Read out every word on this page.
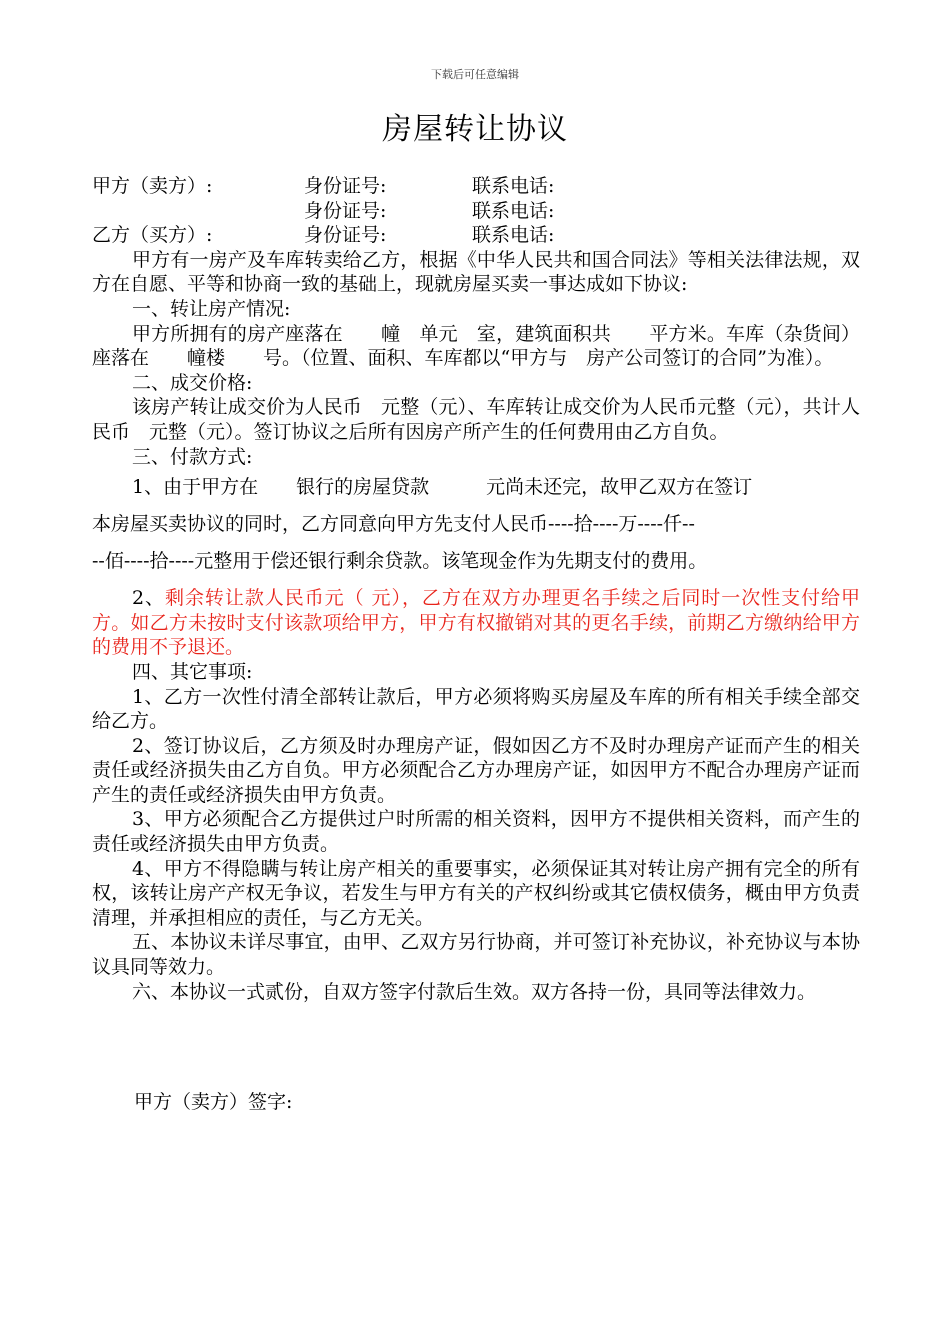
下载后可任意编辑
房屋转让协议
甲方（卖方）:	身份证号:	联系电话:
身份证号:	联系电话:
乙方（买方）:	身份证号:	联系电话:
甲方有一房产及车库转卖给乙方，根据《中华人民共和国合同法》等相关法律法规，双方在自愿、平等和协商一致的基础上，现就房屋买卖一事达成如下协议:
一、转让房产情况:
甲方所拥有的房产座落在　　幢　单元　室，建筑面积共　　平方米。车库（杂货间）座落在　　幢楼　　号。（位置、面积、车库都以“甲方与　房产公司签订的合同”为准）。
二、成交价格:
该房产转让成交价为人民币　元整（元）、车库转让成交价为人民币元整（元），共计人民币　元整（元）。签订协议之后所有因房产所产生的任何费用由乙方自负。
三、付款方式:
1、由于甲方在　　银行的房屋贷款　　　元尚未还完，故甲乙双方在签订
本房屋买卖协议的同时，乙方同意向甲方先支付人民币----拾----万----仟--
--佰----拾----元整用于偿还银行剩余贷款。该笔现金作为先期支付的费用。
2、剩余转让款人民币元（ 元），乙方在双方办理更名手续之后同时一次性支付给甲方。如乙方未按时支付该款项给甲方，甲方有权撤销对其的更名手续，前期乙方缴纳给甲方的费用不予退还。
四、其它事项:
1、乙方一次性付清全部转让款后，甲方必须将购买房屋及车库的所有相关手续全部交给乙方。
2、签订协议后，乙方须及时办理房产证，假如因乙方不及时办理房产证而产生的相关责任或经济损失由乙方自负。甲方必须配合乙方办理房产证，如因甲方不配合办理房产证而产生的责任或经济损失由甲方负责。
3、甲方必须配合乙方提供过户时所需的相关资料，因甲方不提供相关资料，而产生的责任或经济损失由甲方负责。
4、甲方不得隐瞒与转让房产相关的重要事实，必须保证其对转让房产拥有完全的所有权，该转让房产产权无争议，若发生与甲方有关的产权纠纷或其它债权债务，概由甲方负责清理，并承担相应的责任，与乙方无关。
五、本协议未详尽事宜，由甲、乙双方另行协商，并可签订补充协议，补充协议与本协议具同等效力。
六、本协议一式贰份，自双方签字付款后生效。双方各持一份，具同等法律效力。
甲方（卖方）签字:
